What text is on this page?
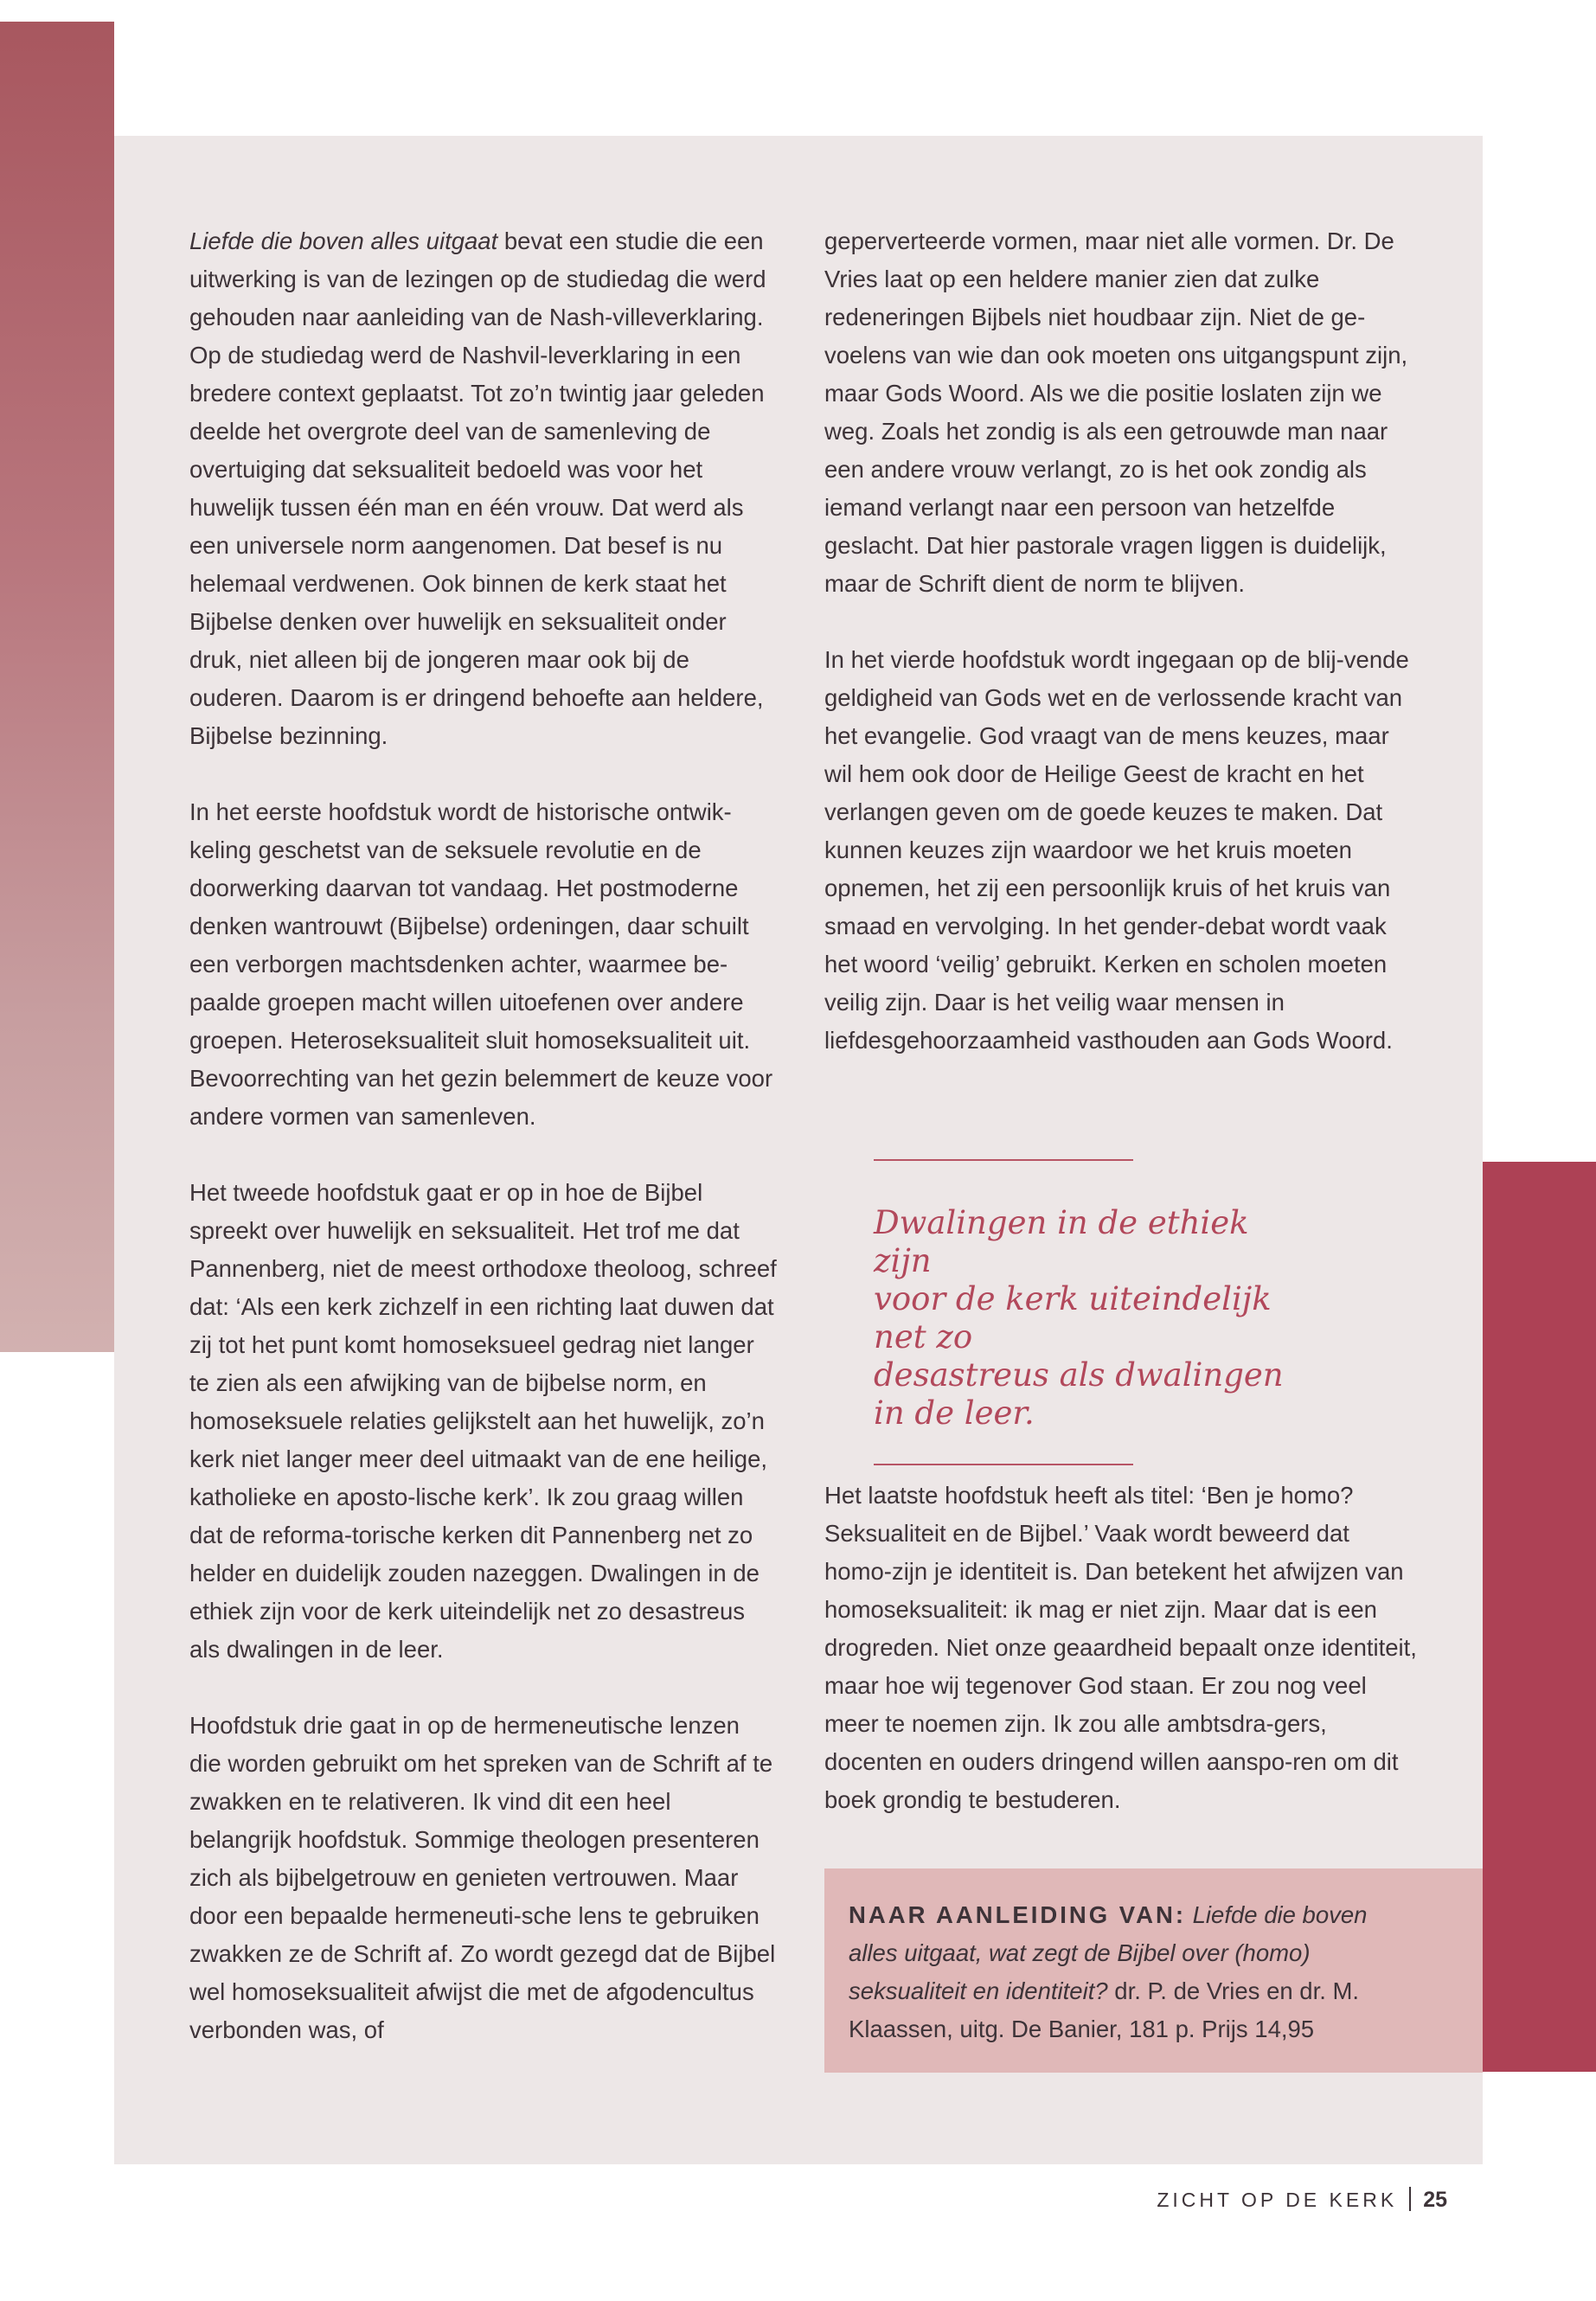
Liefde die boven alles uitgaat bevat een studie die een uitwerking is van de lezingen op de studiedag die werd gehouden naar aanleiding van de Nash-villeverklaring. Op de studiedag werd de Nashvil-leverklaring in een bredere context geplaatst. Tot zo’n twintig jaar geleden deelde het overgrote deel van de samenleving de overtuiging dat seksualiteit bedoeld was voor het huwelijk tussen één man en één vrouw. Dat werd als een universele norm aangenomen. Dat besef is nu helemaal verdwenen. Ook binnen de kerk staat het Bijbelse denken over huwelijk en seksualiteit onder druk, niet alleen bij de jongeren maar ook bij de ouderen. Daarom is er dringend behoefte aan heldere, Bijbelse bezinning.

In het eerste hoofdstuk wordt de historische ontwik-keling geschetst van de seksuele revolutie en de doorwerking daarvan tot vandaag. Het postmoderne denken wantrouwt (Bijbelse) ordeningen, daar schuilt een verborgen machtsdenken achter, waarmee be-paalde groepen macht willen uitoefenen over andere groepen. Heteroseksualiteit sluit homoseksualiteit uit. Bevoorrechting van het gezin belemmert de keuze voor andere vormen van samenleven.

Het tweede hoofdstuk gaat er op in hoe de Bijbel spreekt over huwelijk en seksualiteit. Het trof me dat Pannenberg, niet de meest orthodoxe theoloog, schreef dat: ‘Als een kerk zichzelf in een richting laat duwen dat zij tot het punt komt homoseksueel gedrag niet langer te zien als een afwijking van de bijbelse norm, en homoseksuele relaties gelijkstelt aan het huwelijk, zo’n kerk niet langer meer deel uitmaakt van de ene heilige, katholieke en aposto-lische kerk’. Ik zou graag willen dat de reforma-torische kerken dit Pannenberg net zo helder en duidelijk zouden nazeggen. Dwalingen in de ethiek zijn voor de kerk uiteindelijk net zo desastreus als dwalingen in de leer.

Hoofdstuk drie gaat in op de hermeneutische lenzen die worden gebruikt om het spreken van de Schrift af te zwakken en te relativeren. Ik vind dit een heel belangrijk hoofdstuk. Sommige theologen presenteren zich als bijbelgetrouw en genieten vertrouwen. Maar door een bepaalde hermeneuti-sche lens te gebruiken zwakken ze de Schrift af. Zo wordt gezegd dat de Bijbel wel homoseksualiteit afwijst die met de afgodencultus verbonden was, of

geperverteerde vormen, maar niet alle vormen. Dr. De Vries laat op een heldere manier zien dat zulke redeneringen Bijbels niet houdbaar zijn. Niet de ge-voelens van wie dan ook moeten ons uitgangspunt zijn, maar Gods Woord. Als we die positie loslaten zijn we weg. Zoals het zondig is als een getrouwde man naar een andere vrouw verlangt, zo is het ook zondig als iemand verlangt naar een persoon van hetzelfde geslacht. Dat hier pastorale vragen liggen is duidelijk, maar de Schrift dient de norm te blijven.

In het vierde hoofdstuk wordt ingegaan op de blij-vende geldigheid van Gods wet en de verlossende kracht van het evangelie. God vraagt van de mens keuzes, maar wil hem ook door de Heilige Geest de kracht en het verlangen geven om de goede keuzes te maken. Dat kunnen keuzes zijn waardoor we het kruis moeten opnemen, het zij een persoonlijk kruis of het kruis van smaad en vervolging. In het gender-debat wordt vaak het woord ‘veilig’ gebruikt. Kerken en scholen moeten veilig zijn. Daar is het veilig waar mensen in liefdesgehoorzaamheid vasthouden aan Gods Woord.

Dwalingen in de ethiek zijn
voor de kerk uiteindelijk net zo
desastreus als dwalingen
in de leer.

Het laatste hoofdstuk heeft als titel: ‘Ben je homo? Seksualiteit en de Bijbel.’ Vaak wordt beweerd dat homo-zijn je identiteit is. Dan betekent het afwijzen van homoseksualiteit: ik mag er niet zijn. Maar dat is een drogreden. Niet onze geaardheid bepaalt onze identiteit, maar hoe wij tegenover God staan. Er zou nog veel meer te noemen zijn. Ik zou alle ambtsdra-gers, docenten en ouders dringend willen aanspo-ren om dit boek grondig te bestuderen.

NAAR AANLEIDING VAN: Liefde die boven alles uitgaat, wat zegt de Bijbel over (homo) seksualiteit en identiteit? dr. P. de Vries en dr. M. Klaassen, uitg. De Banier, 181 p. Prijs 14,95
ZICHT OP DE KERK 25
